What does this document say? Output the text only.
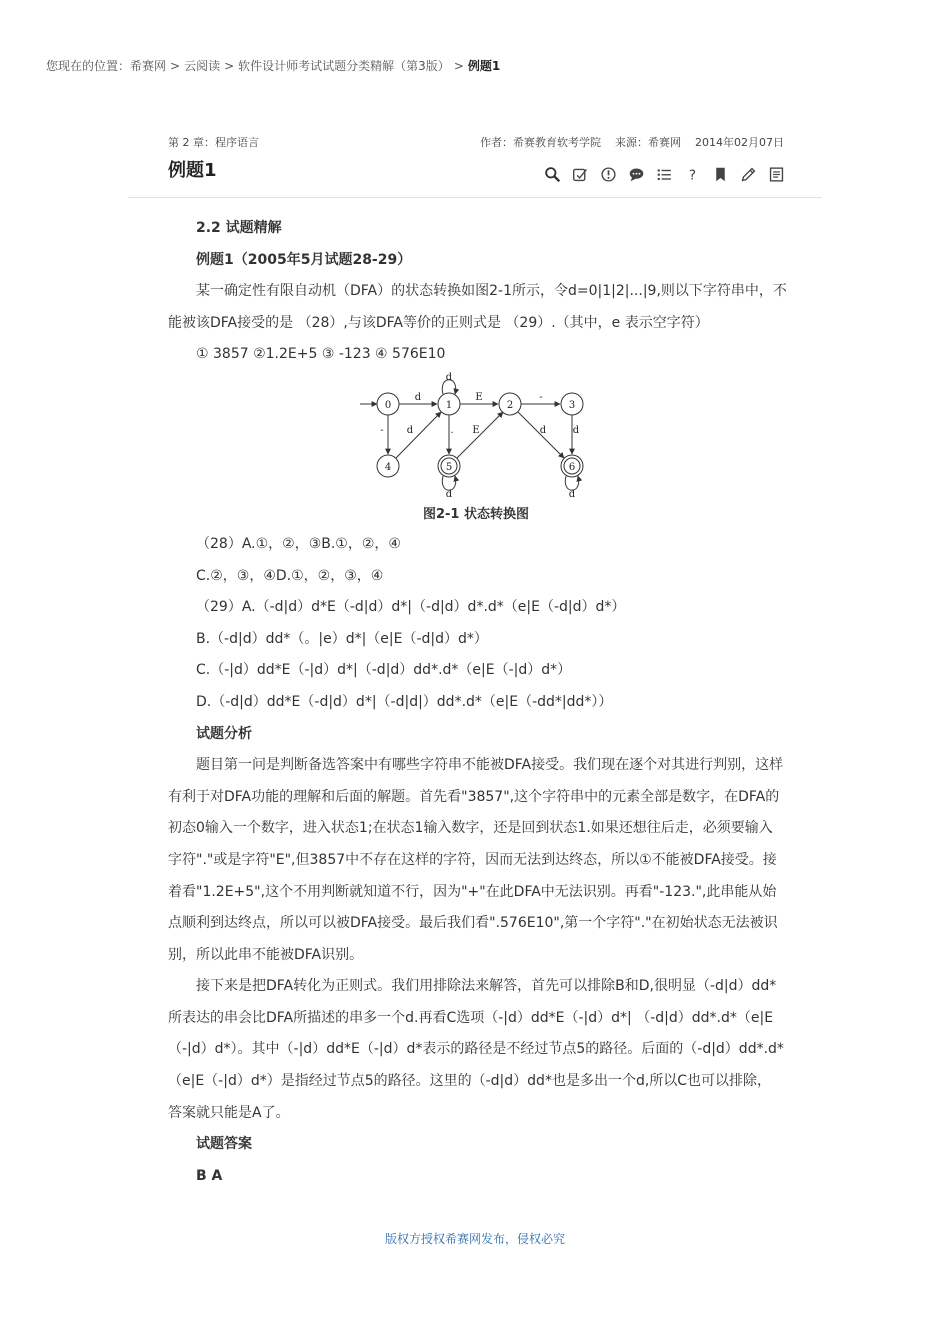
您现在的位置：希赛网 > 云阅读 > 软件设计师考试试题分类精解（第3版） > 例题1
第 2 章：程序语言	作者：希赛教育软考学院 来源：希赛网 2014年02月07日
例题1	?
2.2 试题精解
例题1（2005年5月试题28-29）
某一确定性有限自动机（DFA）的状态转换如图2-1所示，令d=0|1|2|...|9,则以下字符串中，不
能被该DFA接受的是 （28）,与该DFA等价的正则式是 （29）.（其中，e 表示空字符）
① 3857 ②1.2E+5 ③ -123 ④ 576E10
0	1	2	3
4	5	6
d
d	E	-
- d	. E	d	d
d	d
图2-1 状态转换图
（28）A.①，②，③B.①，②，④
C.②，③，④D.①，②，③，④
（29）A.（-d|d）d*E（-d|d）d*|（-d|d）d*.d*（e|E（-d|d）d*）
B.（-d|d）dd*（。|e）d*|（e|E（-d|d）d*）
C.（-|d）dd*E（-|d）d*|（-d|d）dd*.d*（e|E（-|d）d*）
D.（-d|d）dd*E（-d|d）d*|（-d|d|）dd*.d*（e|E（-dd*|dd*））
试题分析
题目第一问是判断备选答案中有哪些字符串不能被DFA接受。我们现在逐个对其进行判别，这样有利于对DFA功能的理解和后面的解题。首先看"3857",这个字符串中的元素全部是数字，在DFA的初态0输入一个数字，进入状态1;在状态1输入数字，还是回到状态1.如果还想往后走，必须要输入字符"."或是字符"E",但3857中不存在这样的字符，因而无法到达终态，所以①不能被DFA接受。接着看"1.2E+5",这个不用判断就知道不行，因为"+"在此DFA中无法识别。再看"-123.",此串能从始点顺利到达终点，所以可以被DFA接受。最后我们看".576E10",第一个字符"."在初始状态无法被识别，所以此串不能被DFA识别。
接下来是把DFA转化为正则式。我们用排除法来解答，首先可以排除B和D,很明显（-d|d）dd*所表达的串会比DFA所描述的串多一个d.再看C选项（-|d）dd*E（-|d）d*| （-d|d）dd*.d*（e|E（-|d）d*）。其中（-|d）dd*E（-|d）d*表示的路径是不经过节点5的路径。后面的（-d|d）dd*.d*（e|E（-|d）d*）是指经过节点5的路径。这里的（-d|d）dd*也是多出一个d,所以C也可以排除，答案就只能是A了。
试题答案
B A
版权方授权希赛网发布，侵权必究
